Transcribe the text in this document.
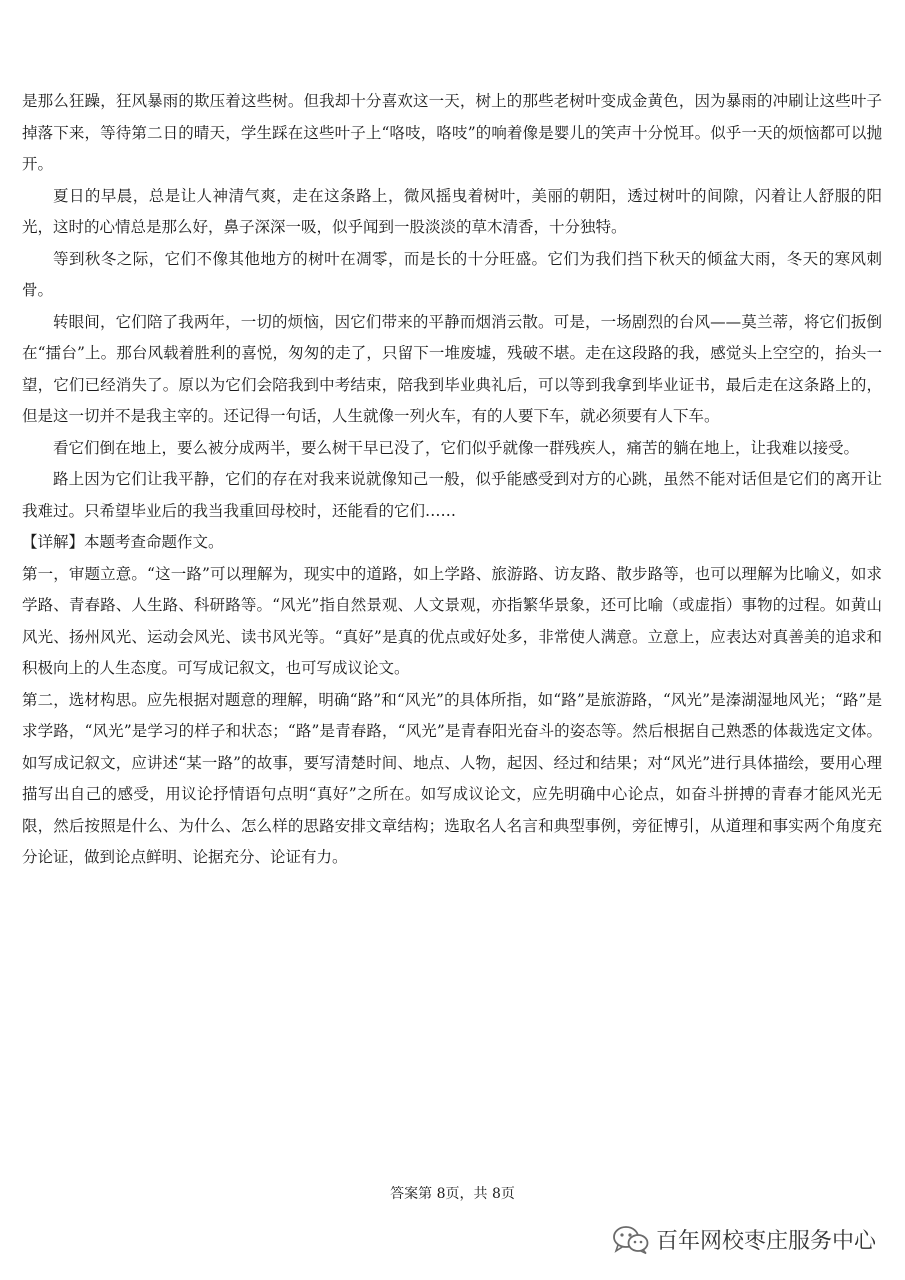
是那么狂躁，狂风暴雨的欺压着这些树。但我却十分喜欢这一天，树上的那些老树叶变成金黄色，因为暴雨的冲刷让这些叶子掉落下来，等待第二日的晴天，学生踩在这些叶子上“咯吱，咯吱”的响着像是婴儿的笑声十分悦耳。似乎一天的烦恼都可以抛开。

夏日的早晨，总是让人神清气爽，走在这条路上，微风摇曳着树叶，美丽的朝阳，透过树叶的间隙，闪着让人舒服的阳光，这时的心情总是那么好，鼻子深深一吸，似乎闻到一股淡淡的草木清香，十分独特。

等到秋冬之际，它们不像其他地方的树叶在凋零，而是长的十分旺盛。它们为我们挡下秋天的倾盆大雨，冬天的寒风刺骨。

转眼间，它们陪了我两年，一切的烦恼，因它们带来的平静而烟消云散。可是，一场剧烈的台风——莫兰蒂，将它们扳倒在“擂台”上。那台风载着胜利的喜悦，匆匆的走了，只留下一堆废墟，残破不堪。走在这段路的我，感觉头上空空的，抬头一望，它们已经消失了。原以为它们会陪我到中考结束，陪我到毕业典礼后，可以等到我拿到毕业证书，最后走在这条路上的，但是这一切并不是我主宰的。还记得一句话，人生就像一列火车，有的人要下车，就必须要有人下车。

看它们倒在地上，要么被分成两半，要么树干早已没了，它们似乎就像一群残疾人，痛苦的躺在地上，让我难以接受。

路上因为它们让我平静，它们的存在对我来说就像知己一般，似乎能感受到对方的心跳，虽然不能对话但是它们的离开让我难过。只希望毕业后的我当我重回母校时，还能看的它们……

【详解】本题考查命题作文。

第一，审题立意。“这一路”可以理解为，现实中的道路，如上学路、旅游路、访友路、散步路等，也可以理解为比喻义，如求学路、青春路、人生路、科研路等。“风光”指自然景观、人文景观，亦指繁华景象，还可比喻（或虚指）事物的过程。如黄山风光、扬州风光、运动会风光、读书风光等。“真好”是真的优点或好处多，非常使人满意。立意上，应表达对真善美的追求和积极向上的人生态度。可写成记叙文，也可写成议论文。

第二，选材构思。应先根据对题意的理解，明确“路”和“风光”的具体所指，如“路”是旅游路，“风光”是溱湖湿地风光；“路”是求学路，“风光”是学习的样子和状态；“路”是青春路，“风光”是青春阳光奋斗的姿态等。然后根据自己熟悉的体裁选定文体。如写成记叙文，应讲述“某一路”的故事，要写清楚时间、地点、人物，起因、经过和结果；对“风光”进行具体描绘，要用心理描写出自己的感受，用议论抒情语句点明“真好”之所在。如写成议论文，应先明确中心论点，如奋斗拼搏的青春才能风光无限，然后按照是什么、为什么、怎么样的思路安排文章结构；选取名人名言和典型事例，旁征博引，从道理和事实两个角度充分论证，做到论点鲜明、论据充分、论证有力。

答案第 8页，共 8页
百年网校枣庄服务中心
